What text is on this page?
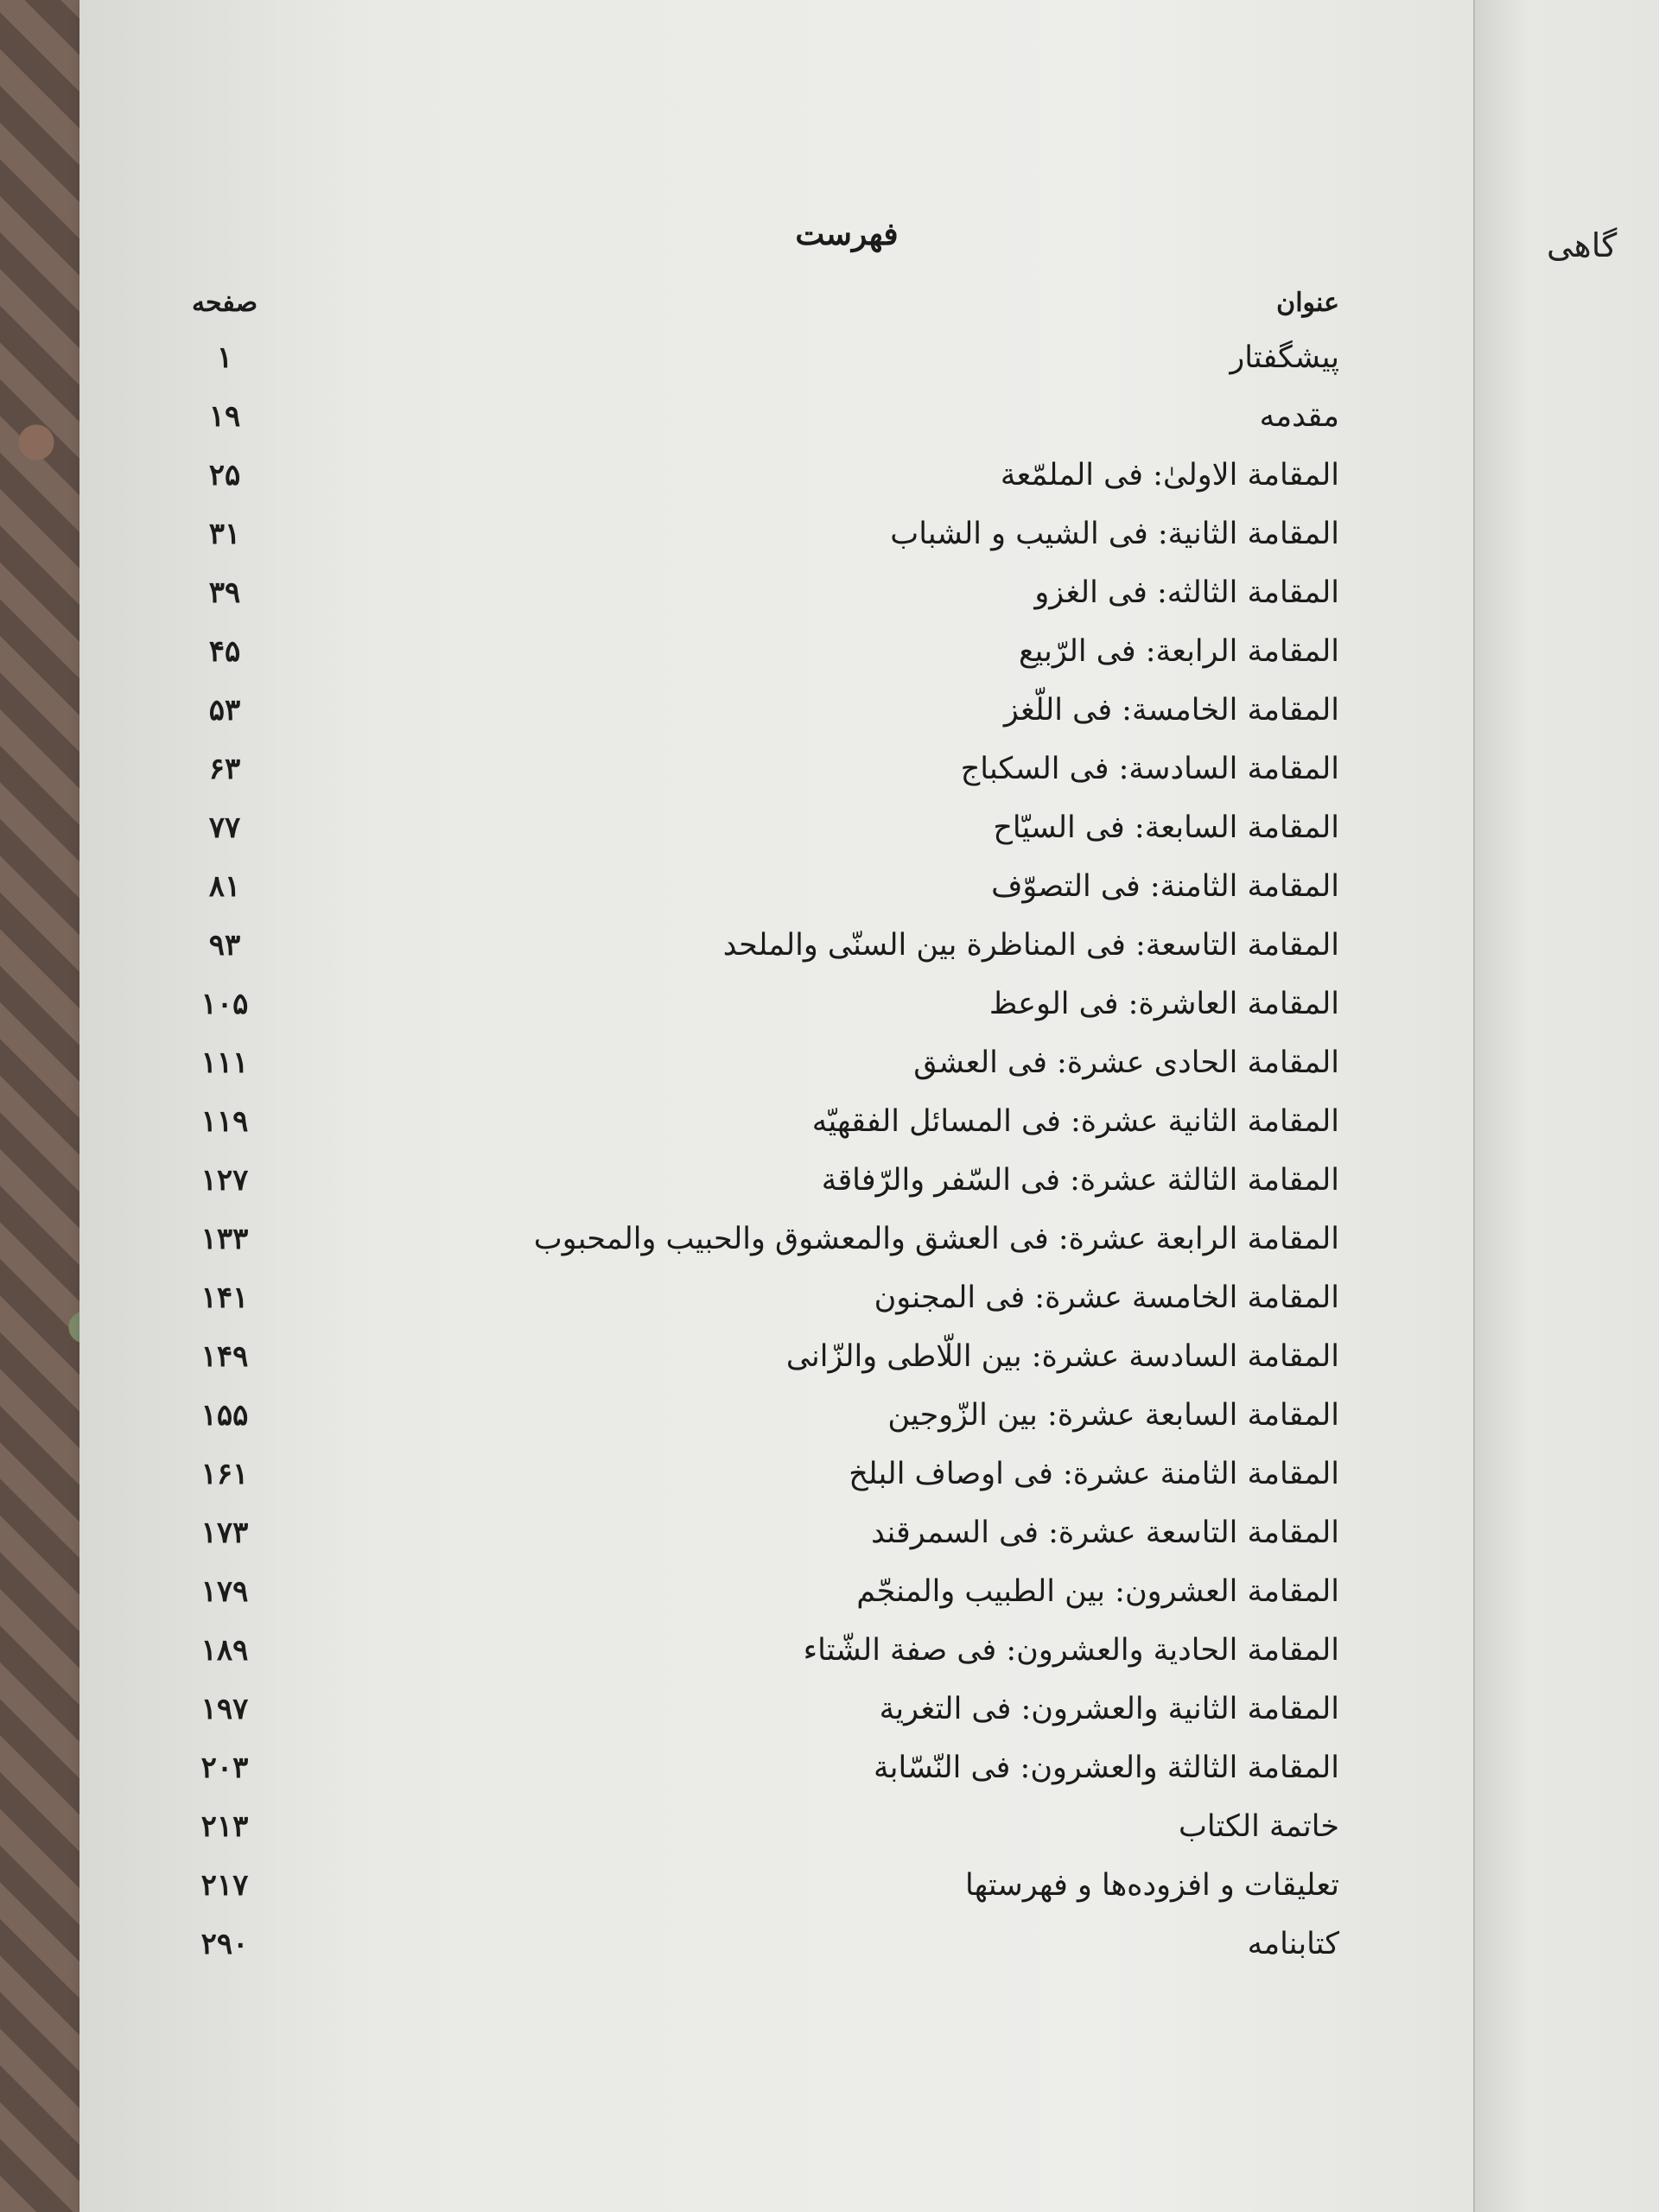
گاهی
فهرست
عنوان
صفحه
پیشگفتار
۱
مقدمه
۱۹
المقامة الاولیٰ: فی الملمّعة
۲۵
المقامة الثانیة: فی الشیب و الشباب
۳۱
المقامة الثالثه: فی الغزو
۳۹
المقامة الرابعة: فی الرّبیع
۴۵
المقامة الخامسة: فی اللّغز
۵۳
المقامة السادسة: فی السکباج
۶۳
المقامة السابعة: فی السیّاح
۷۷
المقامة الثامنة: فی التصوّف
۸۱
المقامة التاسعة: فی المناظرة بین السنّی والملحد
۹۳
المقامة العاشرة: فی الوعظ
۱۰۵
المقامة الحادی عشرة: فی العشق
۱۱۱
المقامة الثانیة عشرة: فی المسائل الفقهیّه
۱۱۹
المقامة الثالثة عشرة: فی السّفر والرّفاقة
۱۲۷
المقامة الرابعة عشرة: فی العشق والمعشوق والحبیب والمحبوب
۱۳۳
المقامة الخامسة عشرة: فی المجنون
۱۴۱
المقامة السادسة عشرة: بین اللّاطی والزّانی
۱۴۹
المقامة السابعة عشرة: بین الزّوجین
۱۵۵
المقامة الثامنة عشرة: فی اوصاف البلخ
۱۶۱
المقامة التاسعة عشرة: فی السمرقند
۱۷۳
المقامة العشرون: بین الطبیب والمنجّم
۱۷۹
المقامة الحادیة والعشرون: فی صفة الشّتاء
۱۸۹
المقامة الثانیة والعشرون: فی التغریة
۱۹۷
المقامة الثالثة والعشرون: فی النّسّابة
۲۰۳
خاتمة الکتاب
۲۱۳
تعلیقات و افزوده‌ها و فهرستها
۲۱۷
کتابنامه
۲۹۰
